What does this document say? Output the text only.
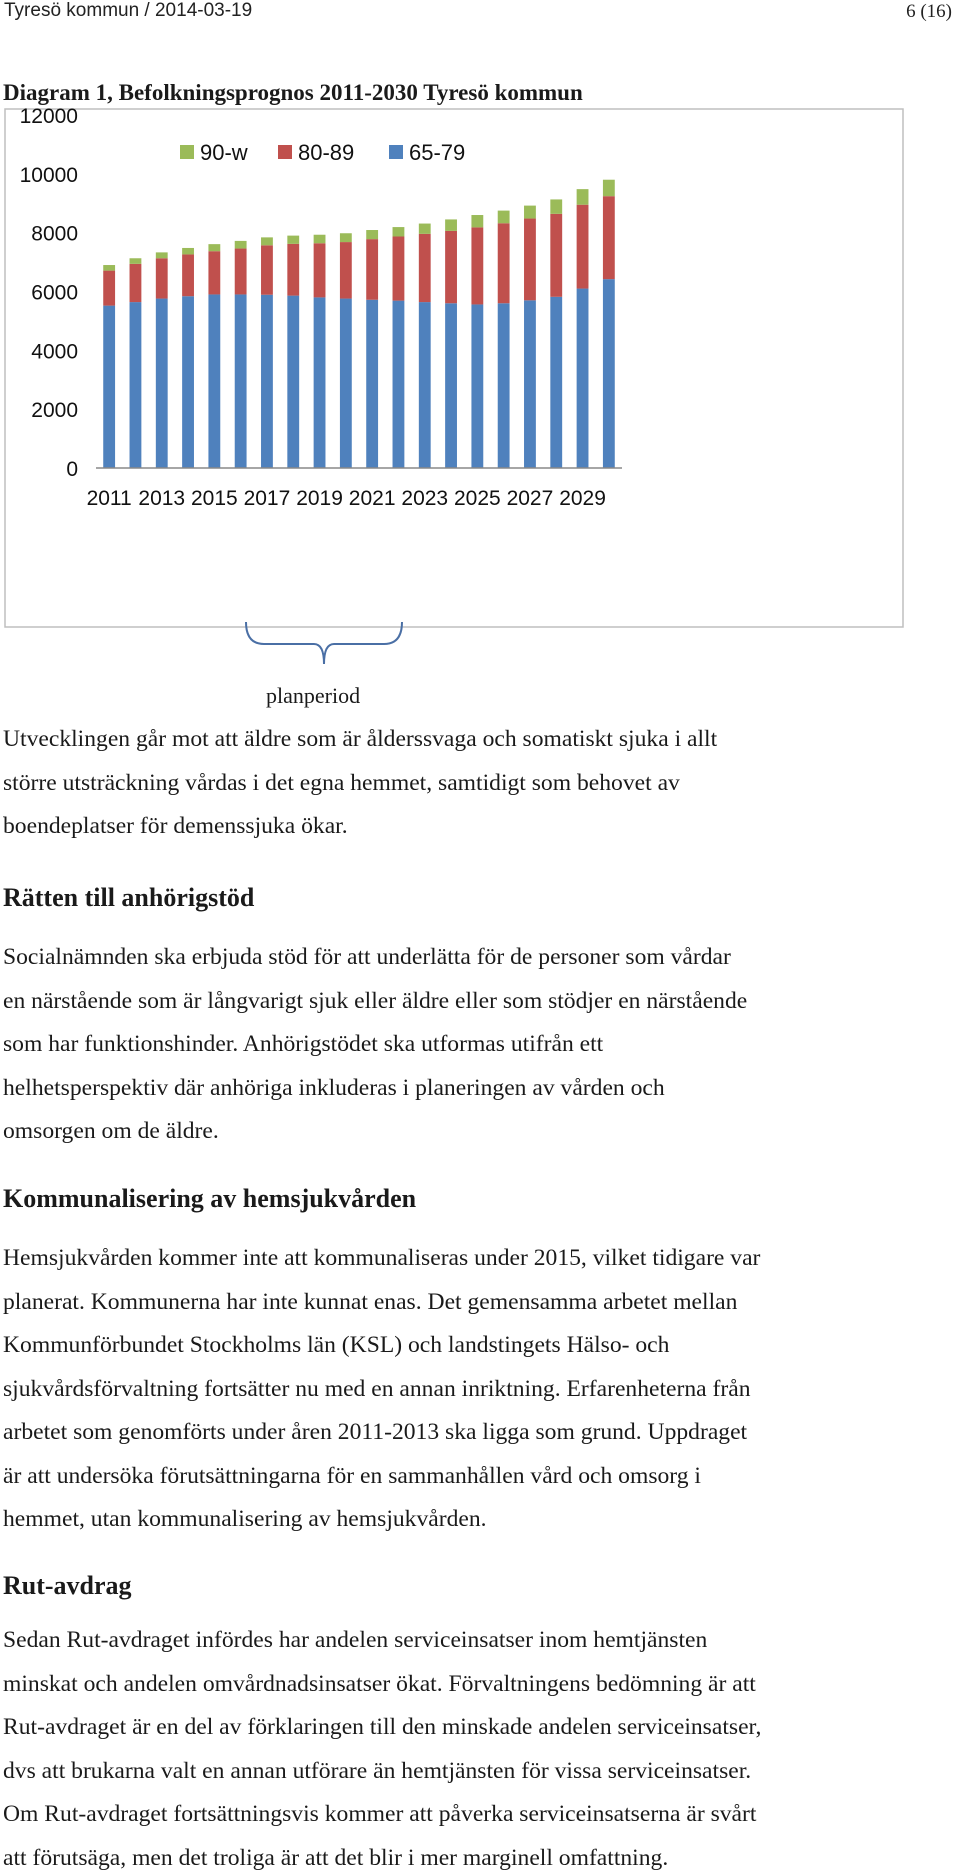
Tyresö kommun / 2014-03-19	6 (16)
Diagram 1, Befolkningsprognos 2011-2030 Tyresö kommun
0
2000
4000
6000
8000
10000
12000
2011 2013 2015 2017 2019 2021 2023 2025 2027 2029
90-w 80-89 65-79
planperiod
Utvecklingen går mot att äldre som är ålderssvaga och somatiskt sjuka i allt
större utsträckning vårdas i det egna hemmet, samtidigt som behovet av
boendeplatser för demenssjuka ökar.
Rätten till anhörigstöd
Socialnämnden ska erbjuda stöd för att underlätta för de personer som vårdar
en närstående som är långvarigt sjuk eller äldre eller som stödjer en närstående
som har funktionshinder. Anhörigstödet ska utformas utifrån ett
helhetsperspektiv där anhöriga inkluderas i planeringen av vården och
omsorgen om de äldre.
Kommunalisering av hemsjukvården
Hemsjukvården kommer inte att kommunaliseras under 2015, vilket tidigare var
planerat. Kommunerna har inte kunnat enas. Det gemensamma arbetet mellan
Kommunförbundet Stockholms län (KSL) och landstingets Hälso- och
sjukvårdsförvaltning fortsätter nu med en annan inriktning. Erfarenheterna från
arbetet som genomförts under åren 2011-2013 ska ligga som grund. Uppdraget
är att undersöka förutsättningarna för en sammanhållen vård och omsorg i
hemmet, utan kommunalisering av hemsjukvården.
Rut-avdrag
Sedan Rut-avdraget infördes har andelen serviceinsatser inom hemtjänsten
minskat och andelen omvårdnadsinsatser ökat. Förvaltningens bedömning är att
Rut-avdraget är en del av förklaringen till den minskade andelen serviceinsatser,
dvs att brukarna valt en annan utförare än hemtjänsten för vissa serviceinsatser.
Om Rut-avdraget fortsättningsvis kommer att påverka serviceinsatserna är svårt
att förutsäga, men det troliga är att det blir i mer marginell omfattning.
